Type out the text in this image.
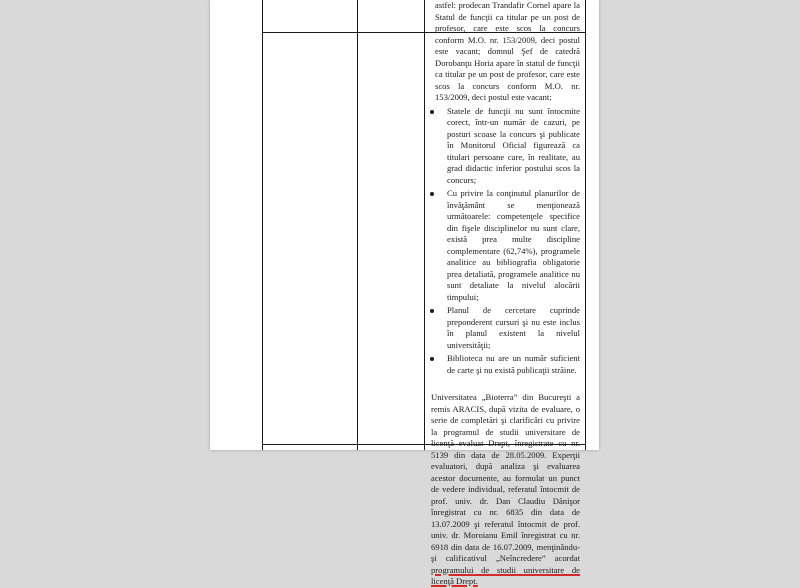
astfel: prodecan Trandafir Cornel apare la Statul de funcţii ca titular pe un post de profesor, care este scos la concurs conform M.O. nr. 153/2009, deci postul este vacant; domnul Şef de catedră Dorobanţu Horia apare în statul de funcţii ca titular pe un post de profesor, care este scos la concurs conform M.O. nr. 153/2009, deci postul este vacant;

Statele de funcţii nu sunt întocmite corect, într-un număr de cazuri, pe posturi scoase la concurs şi publicate în Monitorul Oficial figurează ca titulari persoane care, în realitate, au grad didactic inferior postului scos la concurs;
Cu privire la conţinutul planurilor de învăţământ se menţionează următoarele: competenţele specifice din fişele disciplinelor nu sunt clare, există prea multe discipline complementare (62,74%), programele analitice au bibliografia obligatorie prea detaliată, programele analitice nu sunt detaliate la nivelul alocării timpului;
Planul de cercetare cuprinde preponderent cursuri şi nu este inclus în planul existent la nivelul universităţii;
Biblioteca nu are un număr suficient de carte şi nu există publicaţii străine.
Universitatea „Bioterra” din Bucureşti a remis ARACIS, după vizita de evaluare, o serie de completări şi clarificări cu privire la programul de studii universitare de licenţă evaluat Drept, înregistrate cu nr. 5139 din data de 28.05.2009. Experţii evaluatori, după analiza şi evaluarea acestor documente, au formulat un punct de vedere individual, referatul întocmit de prof. univ. dr. Dan Claudiu Dănişor înregistrat cu nr. 6835 din data de 13.07.2009 şi referatul întocmit de prof. univ. dr. Moroianu Emil înregistrat cu nr. 6918 din data de 16.07.2009, menţinându-şi calificativul „Neîncredere” acordat programului de studii universitare de licenţă Drept.
